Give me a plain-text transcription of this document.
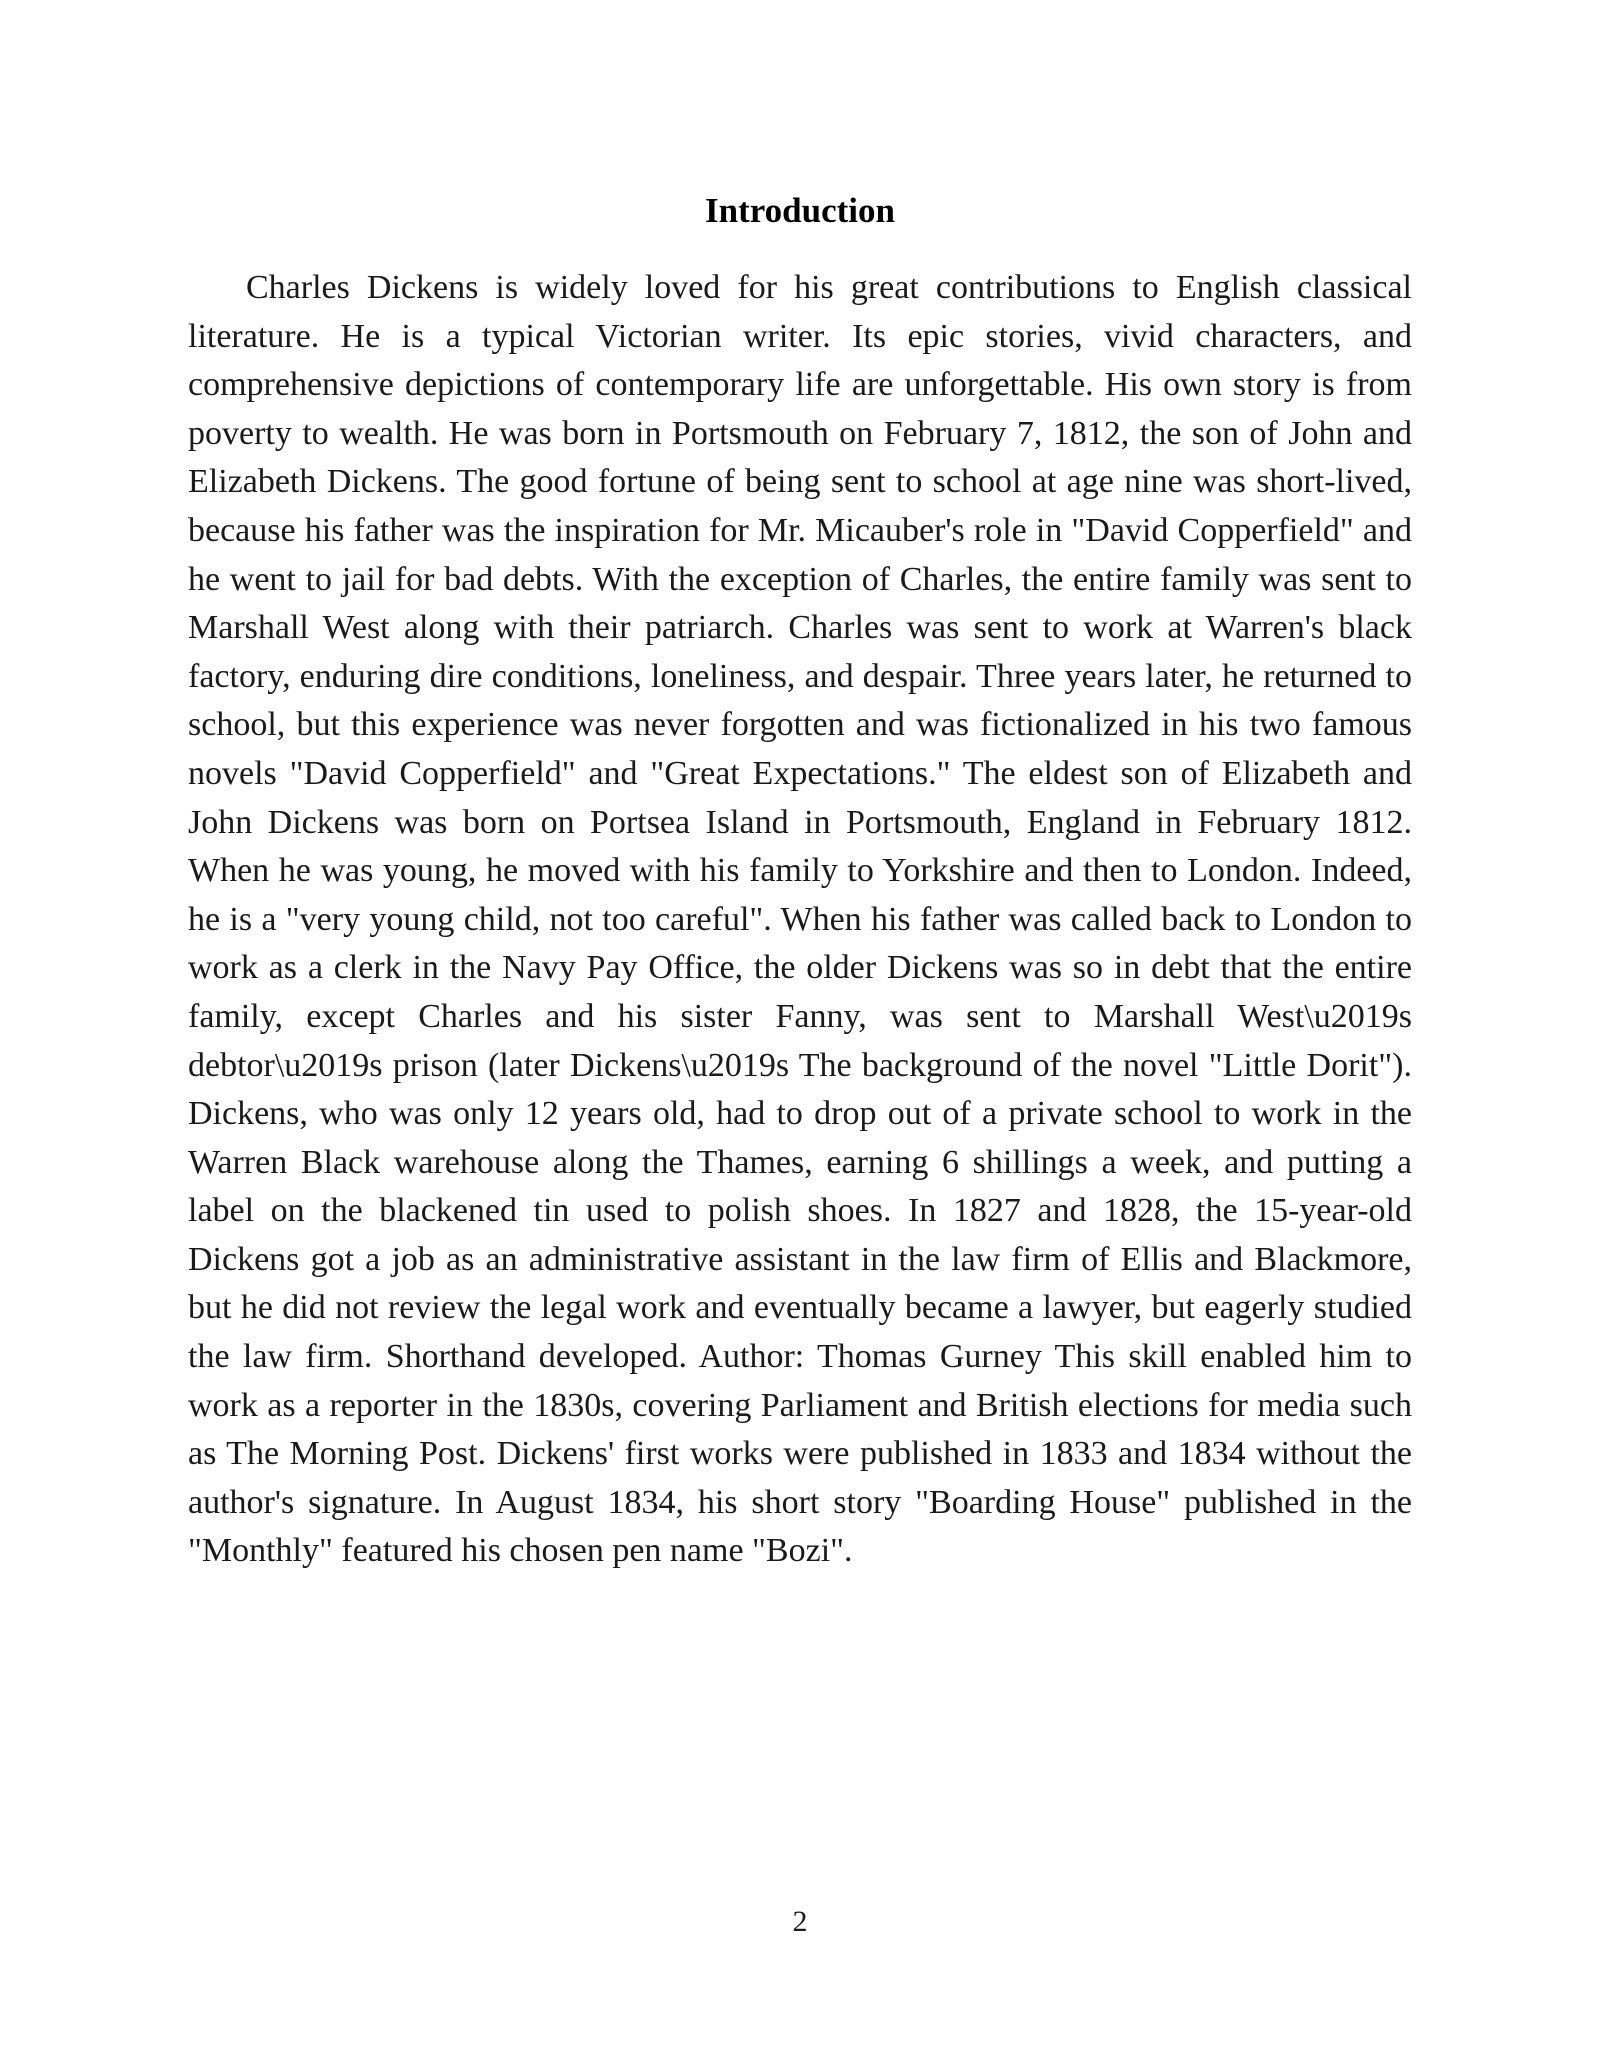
Introduction

Charles Dickens is widely loved for his great contributions to English classical literature. He is a typical Victorian writer. Its epic stories, vivid characters, and comprehensive depictions of contemporary life are unforgettable. His own story is from poverty to wealth. He was born in Portsmouth on February 7, 1812, the son of John and Elizabeth Dickens. The good fortune of being sent to school at age nine was short-lived, because his father was the inspiration for Mr. Micauber's role in "David Copperfield" and he went to jail for bad debts. With the exception of Charles, the entire family was sent to Marshall West along with their patriarch. Charles was sent to work at Warren's black factory, enduring dire conditions, loneliness, and despair. Three years later, he returned to school, but this experience was never forgotten and was fictionalized in his two famous novels "David Copperfield" and "Great Expectations." The eldest son of Elizabeth and John Dickens was born on Portsea Island in Portsmouth, England in February 1812. When he was young, he moved with his family to Yorkshire and then to London. Indeed, he is a "very young child, not too careful". When his father was called back to London to work as a clerk in the Navy Pay Office, the older Dickens was so in debt that the entire family, except Charles and his sister Fanny, was sent to Marshall West\u2019s debtor\u2019s prison (later Dickens\u2019s The background of the novel "Little Dorit"). Dickens, who was only 12 years old, had to drop out of a private school to work in the Warren Black warehouse along the Thames, earning 6 shillings a week, and putting a label on the blackened tin used to polish shoes. In 1827 and 1828, the 15-year-old Dickens got a job as an administrative assistant in the law firm of Ellis and Blackmore, but he did not review the legal work and eventually became a lawyer, but eagerly studied the law firm. Shorthand developed. Author: Thomas Gurney This skill enabled him to work as a reporter in the 1830s, covering Parliament and British elections for media such as The Morning Post. Dickens' first works were published in 1833 and 1834 without the author's signature. In August 1834, his short story "Boarding House" published in the "Monthly" featured his chosen pen name "Bozi".

2
